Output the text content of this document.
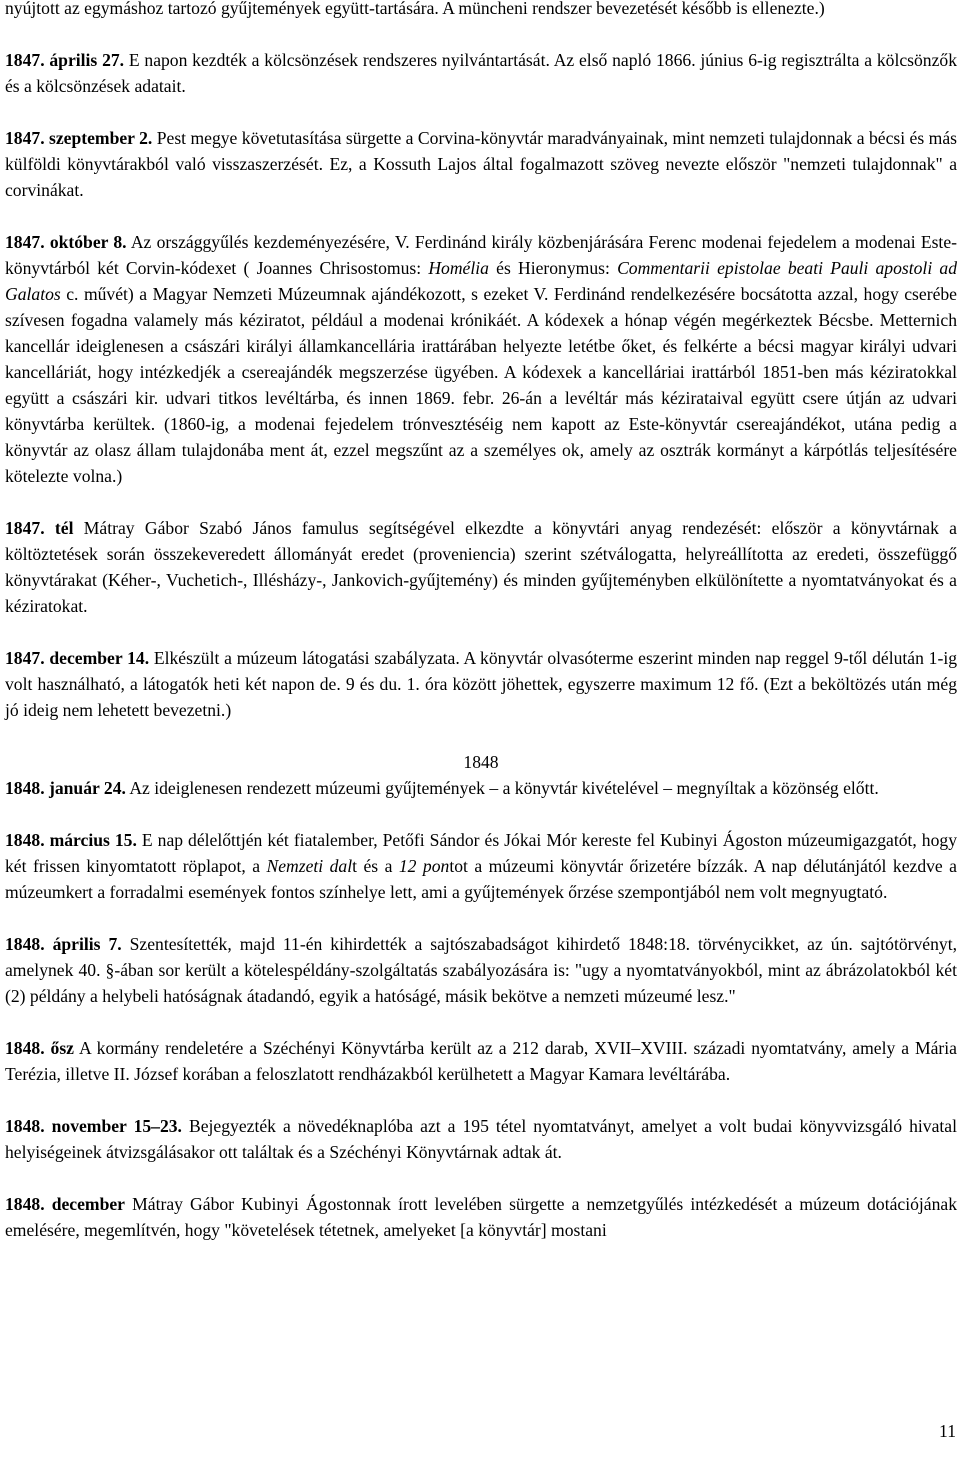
nyújtott az egymáshoz tartozó gyűjtemények együtt-tartására. A müncheni rendszer bevezetését később is ellenezte.)

1847. április 27. E napon kezdték a kölcsönzések rendszeres nyilvántartását. Az első napló 1866. június 6-ig regisztrálta a kölcsönzők és a kölcsönzések adatait.

1847. szeptember 2. Pest megye követutasítása sürgette a Corvina-könyvtár maradványainak, mint nemzeti tulajdonnak a bécsi és más külföldi könyvtárakból való visszaszerzését. Ez, a Kossuth Lajos által fogalmazott szöveg nevezte először "nemzeti tulajdonnak" a corvinákat.

1847. október 8. Az országgyűlés kezdeményezésére, V. Ferdinánd király közbenjárására Ferenc modenai fejedelem a modenai Este-könyvtárból két Corvin-kódexet ( Joannes Chrisostomus: Homélia és Hieronymus: Commentarii epistolae beati Pauli apostoli ad Galatos c. művét) a Magyar Nemzeti Múzeumnak ajándékozott, s ezeket V. Ferdinánd rendelkezésére bocsátotta azzal, hogy cserébe szívesen fogadna valamely más kéziratot, például a modenai krónikáét. A kódexek a hónap végén megérkeztek Bécsbe. Metternich kancellár ideiglenesen a császári királyi államkancellária irattárában helyezte letétbe őket, és felkérte a bécsi magyar királyi udvari kancelláriát, hogy intézkedjék a csereajándék megszerzése ügyében. A kódexek a kancelláriai irattárból 1851-ben más kéziratokkal együtt a császári kir. udvari titkos levéltárba, és innen 1869. febr. 26-án a levéltár más kézirataival együtt csere útján az udvari könyvtárba kerültek. (1860-ig, a modenai fejedelem trónvesztéséig nem kapott az Este-könyvtár csereajándékot, utána pedig a könyvtár az olasz állam tulajdonába ment át, ezzel megszűnt az a személyes ok, amely az osztrák kormányt a kárpótlás teljesítésére kötelezte volna.)

1847. tél Mátray Gábor Szabó János famulus segítségével elkezdte a könyvtári anyag rendezését: először a könyvtárnak a költöztetések során összekeveredett állományát eredet (proveniencia) szerint szétválogatta, helyreállította az eredeti, összefüggő könyvtárakat (Kéher-, Vuchetich-, Illésházy-, Jankovich-gyűjtemény) és minden gyűjteményben elkülönítette a nyomtatványokat és a kéziratokat.

1847. december 14. Elkészült a múzeum látogatási szabályzata. A könyvtár olvasóterme eszerint minden nap reggel 9-től délután 1-ig volt használható, a látogatók heti két napon de. 9 és du. 1. óra között jöhettek, egyszerre maximum 12 fő. (Ezt a beköltözés után még jó ideig nem lehetett bevezetni.)

1848

1848. január 24. Az ideiglenesen rendezett múzeumi gyűjtemények – a könyvtár kivételével – megnyíltak a közönség előtt.

1848. március 15. E nap délelőttjén két fiatalember, Petőfi Sándor és Jókai Mór kereste fel Kubinyi Ágoston múzeumigazgatót, hogy két frissen kinyomtatott röplapot, a Nemzeti dalt és a 12 pontot a múzeumi könyvtár őrizetére bízzák. A nap délutánjától kezdve a múzeumkert a forradalmi események fontos színhelye lett, ami a gyűjtemények őrzése szempontjából nem volt megnyugtató.

1848. április 7. Szentesítették, majd 11-én kihirdették a sajtószabadságot kihirdető 1848:18. törvénycikket, az ún. sajtótörvényt, amelynek 40. §-ában sor került a kötelespéldány-szolgáltatás szabályozására is: "ugy a nyomtatványokból, mint az ábrázolatokból két (2) példány a helybeli hatóságnak átadandó, egyik a hatóságé, másik bekötve a nemzeti múzeumé lesz."

1848. ősz A kormány rendeletére a Széchényi Könyvtárba került az a 212 darab, XVII–XVIII. századi nyomtatvány, amely a Mária Terézia, illetve II. József korában a feloszlatott rendházakból kerülhetett a Magyar Kamara levéltárába.

1848. november 15–23. Bejegyezték a növedéknaplóba azt a 195 tétel nyomtatványt, amelyet a volt budai könyvvizsgáló hivatal helyiségeinek átvizsgálásakor ott találtak és a Széchényi Könyvtárnak adtak át.

1848. december Mátray Gábor Kubinyi Ágostonnak írott levelében sürgette a nemzetgyűlés intézkedését a múzeum dotációjának emelésére, megemlítvén, hogy "követelések tétetnek, amelyeket [a könyvtár] mostani

11
